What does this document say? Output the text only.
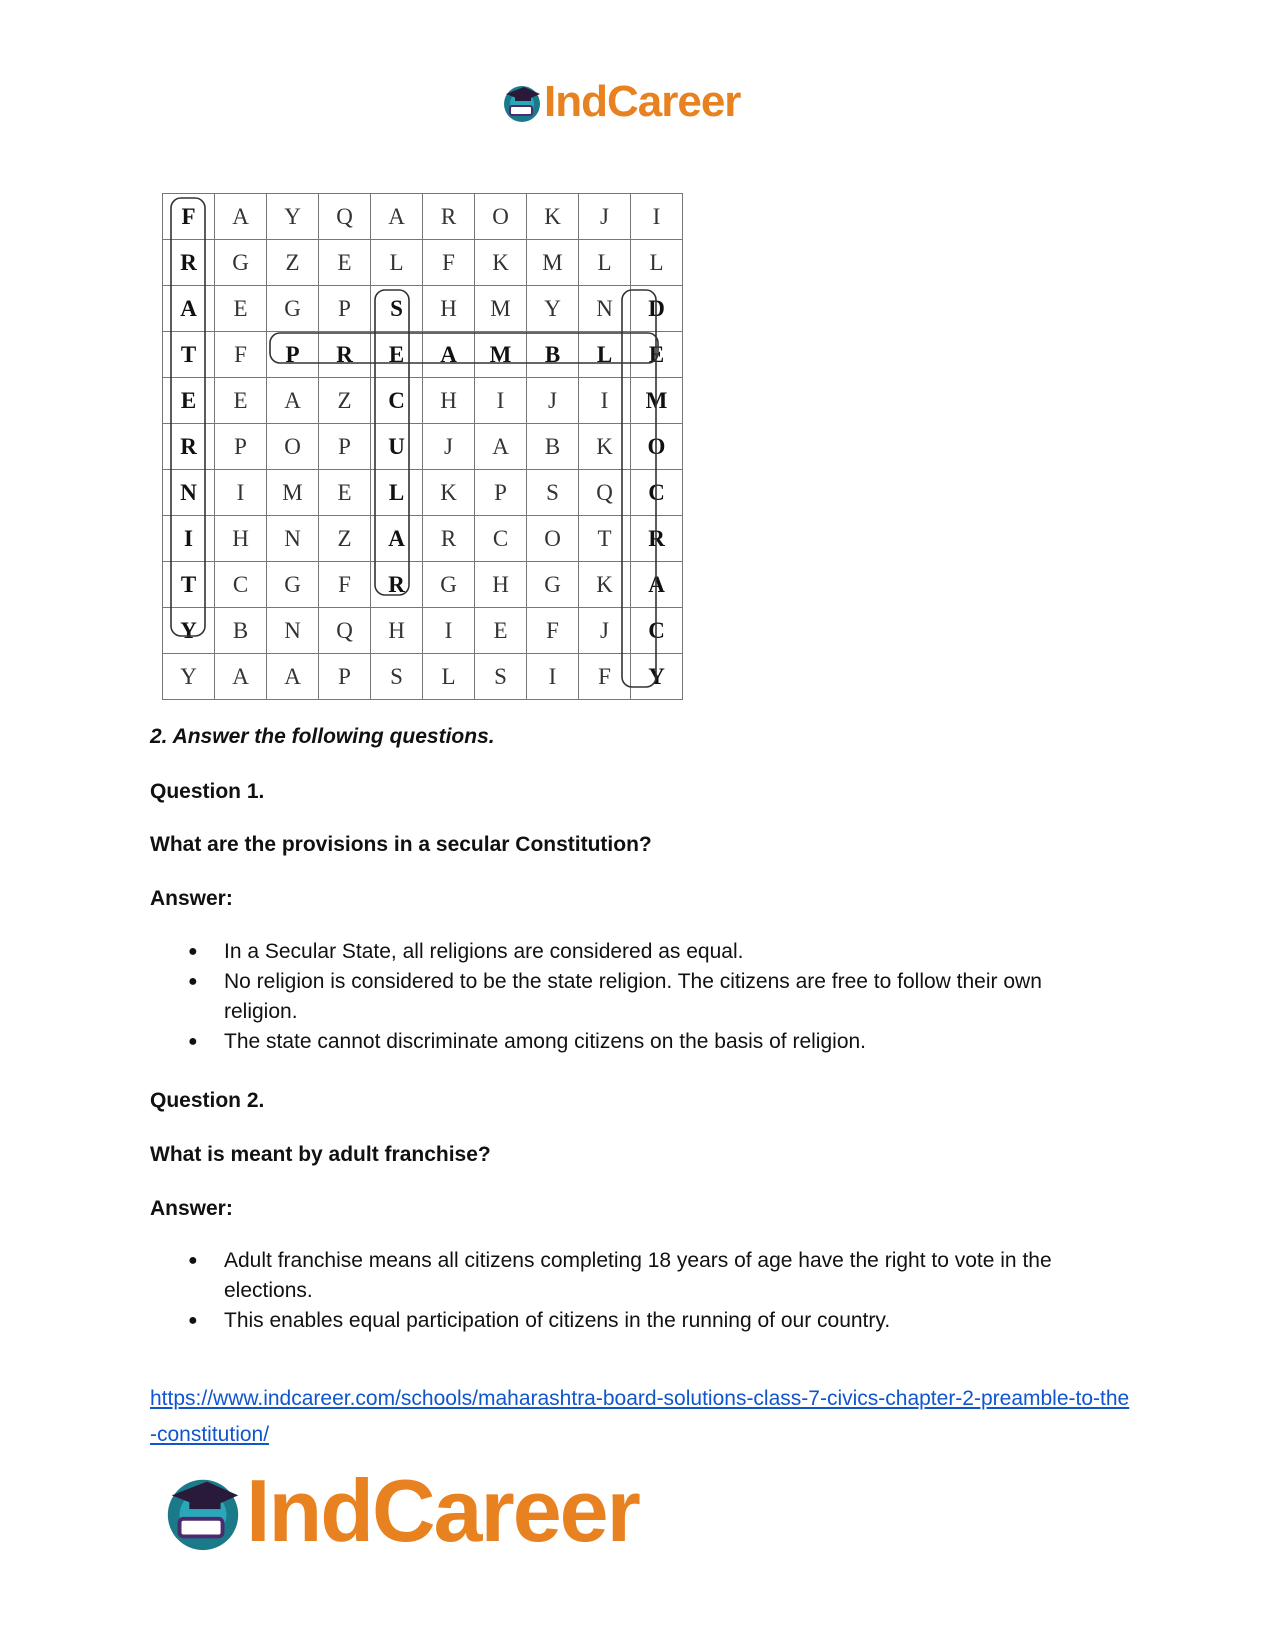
IndCareer
F	A	Y	Q	A	R	O	K	J	I
R	G	Z	E	L	F	K	M	L	L
A	E	G	P	S	H	M	Y	N	D
T	F	P	R	E	A	M	B	L	E
E	E	A	Z	C	H	I	J	I	M
R	P	O	P	U	J	A	B	K	O
N	I	M	E	L	K	P	S	Q	C
I	H	N	Z	A	R	C	O	T	R
T	C	G	F	R	G	H	G	K	A
Y	B	N	Q	H	I	E	F	J	C
Y	A	A	P	S	L	S	I	F	Y
2. Answer the following questions.
Question 1.
What are the provisions in a secular Constitution?
Answer:
● In a Secular State, all religions are considered as equal.
● No religion is considered to be the state religion. The citizens are free to follow their own religion.
● The state cannot discriminate among citizens on the basis of religion.
Question 2.
What is meant by adult franchise?
Answer:
● Adult franchise means all citizens completing 18 years of age have the right to vote in the elections.
● This enables equal participation of citizens in the running of our country.
https://www.indcareer.com/schools/maharashtra-board-solutions-class-7-civics-chapter-2-preamble-to-the-constitution/
IndCareer
